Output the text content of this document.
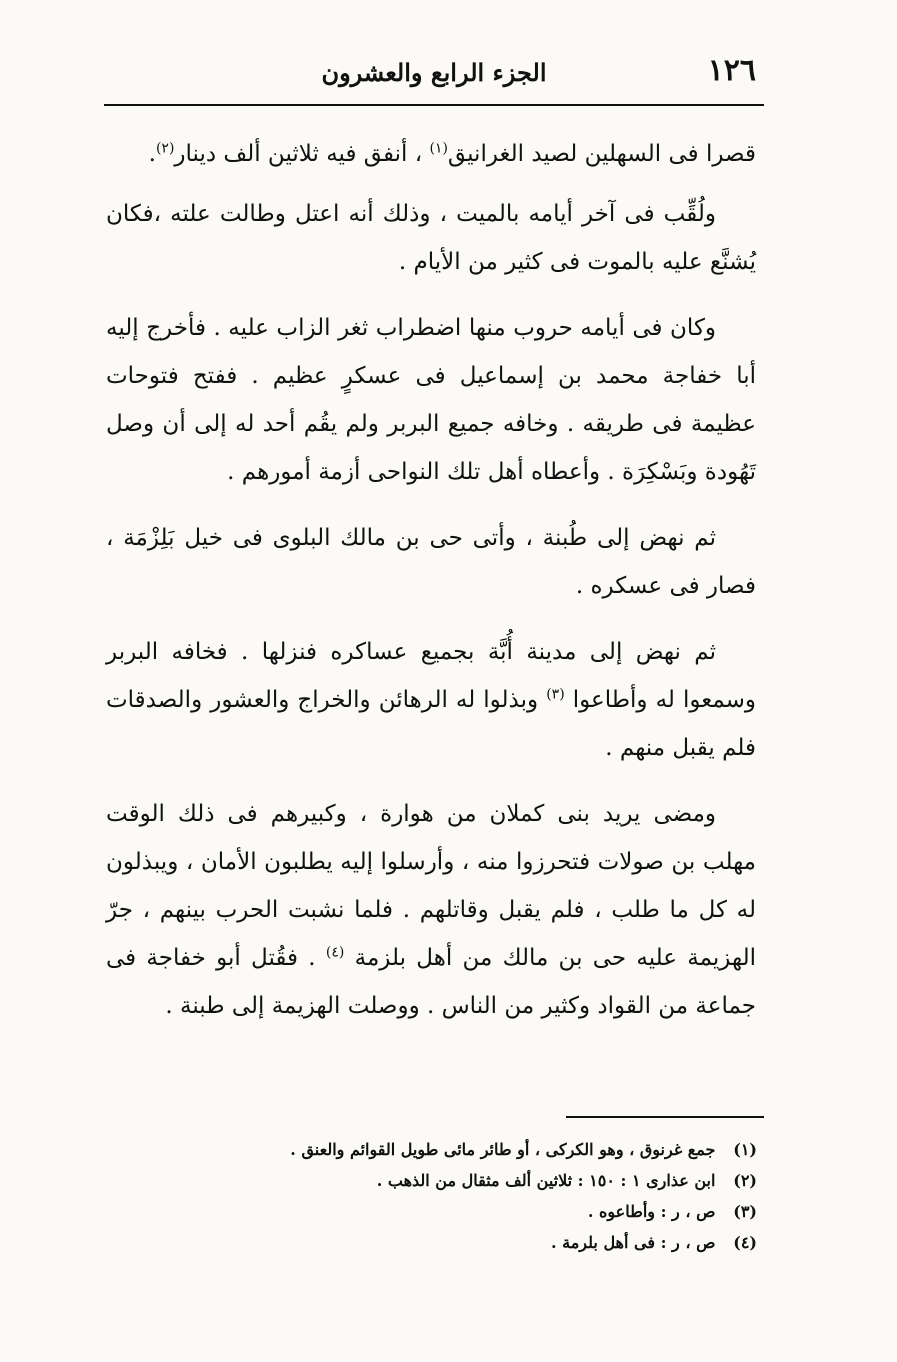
١٢٦
الجزء الرابع والعشرون

قصرا فى السهلين لصيد الغرانيق$^{(١)}$ ، أنفق فيه ثلاثين ألف دينار$^{(٢)}$.

ولُقِّب فى آخر أيامه بالميت ، وذلك أنه اعتل وطالت علته ،فكان يُشنَّع عليه بالموت فى كثير من الأيام .

وكان فى أيامه حروب منها اضطراب ثغر الزاب عليه . فأخرج إليه أبا خفاجة محمد بن إسماعيل فى عسكرٍ عظيم . ففتح فتوحات عظيمة فى طريقه . وخافه جميع البربر ولم يقُم أحد له إلى أن وصل تَهُودة وبَسْكِرَة . وأعطاه أهل تلك النواحى أزمة أمورهم .

ثم نهض إلى طُبنة ، وأتى حى بن مالك البلوى فى خيل بَلِزْمَة ، فصار فى عسكره .

ثم نهض إلى مدينة أُبَّة بجميع عساكره فنزلها . فخافه البربر وسمعوا له وأطاعوا $^{(٣)}$ وبذلوا له الرهائن والخراج والعشور والصدقات فلم يقبل منهم .

ومضى يريد بنى كملان من هوارة ، وكبيرهم فى ذلك الوقت مهلب بن صولات فتحرزوا منه ، وأرسلوا إليه يطلبون الأمان ، ويبذلون له كل ما طلب ، فلم يقبل وقاتلهم . فلما نشبت الحرب بينهم ، جرّ الهزيمة عليه حى بن مالك من أهل بلزمة $^{(٤)}$ . فقُتل أبو خفاجة فى جماعة من القواد وكثير من الناس . ووصلت الهزيمة إلى طبنة .

(١) جمع غرنوق ، وهو الكركى ، أو طائر مائى طويل القوائم والعنق .

(٢) ابن عذارى ١ : ١٥٠ : ثلاثين ألف مثقال من الذهب .

(٣) ص ، ر : وأطاعوه .

(٤) ص ، ر : فى أهل بلرمة .
